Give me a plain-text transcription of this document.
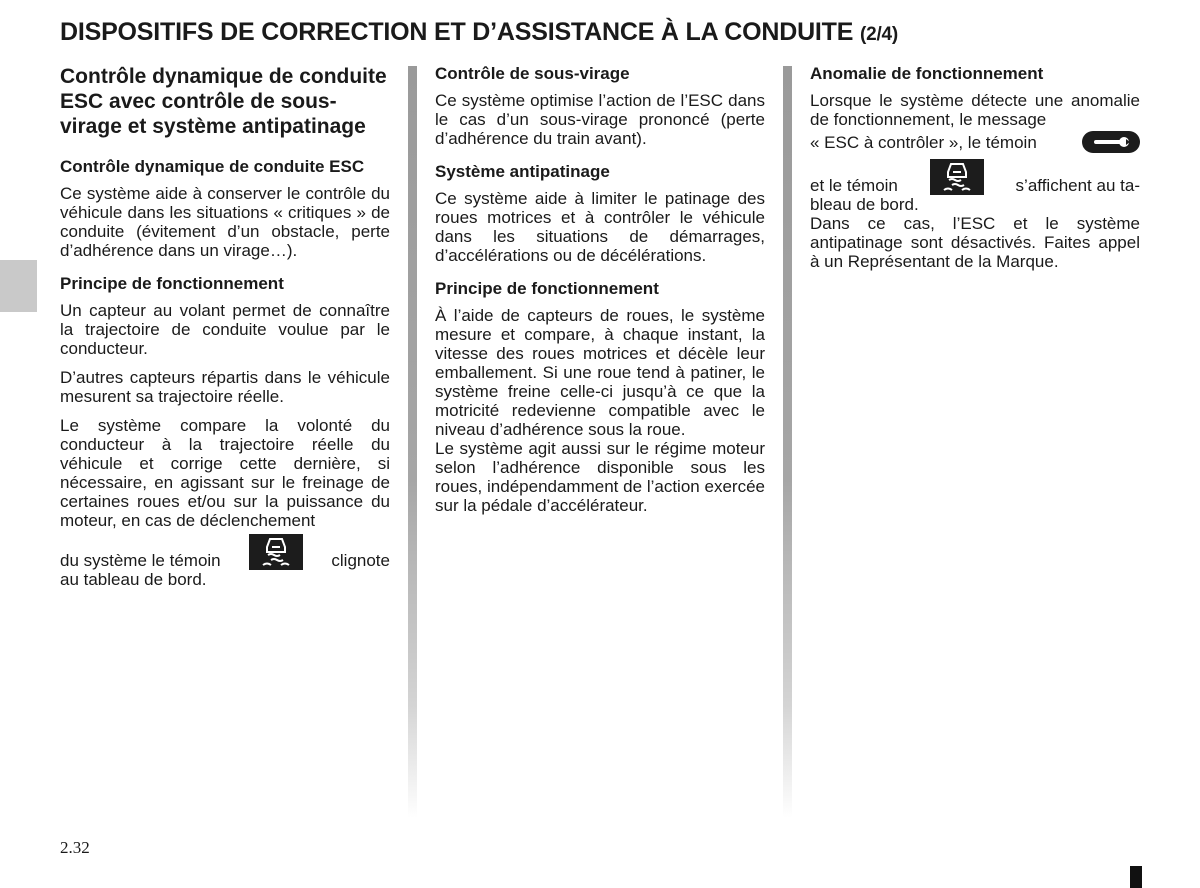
DISPOSITIFS DE CORRECTION ET D’ASSISTANCE À LA CONDUITE (2/4)
Contrôle dynamique de conduite ESC avec contrôle de sous-virage et système antipatinage
Contrôle dynamique de conduite ESC

Ce système aide à conserver le contrôle du véhicule dans les situations « critiques » de conduite (évitement d’un obstacle, perte d’adhérence dans un virage…).

Principe de fonctionnement

Un capteur au volant permet de connaître la trajectoire de conduite voulue par le conducteur.

D’autres capteurs répartis dans le véhicule mesurent sa trajectoire réelle.

Le système compare la volonté du conducteur à la trajectoire réelle du véhicule et corrige cette dernière, si nécessaire, en agissant sur le freinage de certaines roues et/ou sur la puissance du moteur, en cas de déclenchement

du système le témoin	clignote

au tableau de bord.

Contrôle de sous-virage

Ce système optimise l’action de l’ESC dans le cas d’un sous-virage prononcé (perte d’adhérence du train avant).

Système antipatinage

Ce système aide à limiter le patinage des roues motrices et à contrôler le véhicule dans les situations de démarrages, d’accélérations ou de décélérations.

Principe de fonctionnement

À l’aide de capteurs de roues, le système mesure et compare, à chaque instant, la vitesse des roues motrices et décèle leur emballement. Si une roue tend à patiner, le système freine celle-ci jusqu’à ce que la motricité redevienne compatible avec le niveau d’adhérence sous la roue.

Le système agit aussi sur le régime moteur selon l’adhérence disponible sous les roues, indépendamment de l’action exercée sur la pédale d’accélérateur.

Anomalie de fonctionnement

Lorsque le système détecte une anomalie de fonctionnement, le message

« ESC à contrôler », le témoin
et le témoin	s’affichent au ta-

bleau de bord.

Dans ce cas, l’ESC et le système antipatinage sont désactivés. Faites appel à un Représentant de la Marque.

2.32
